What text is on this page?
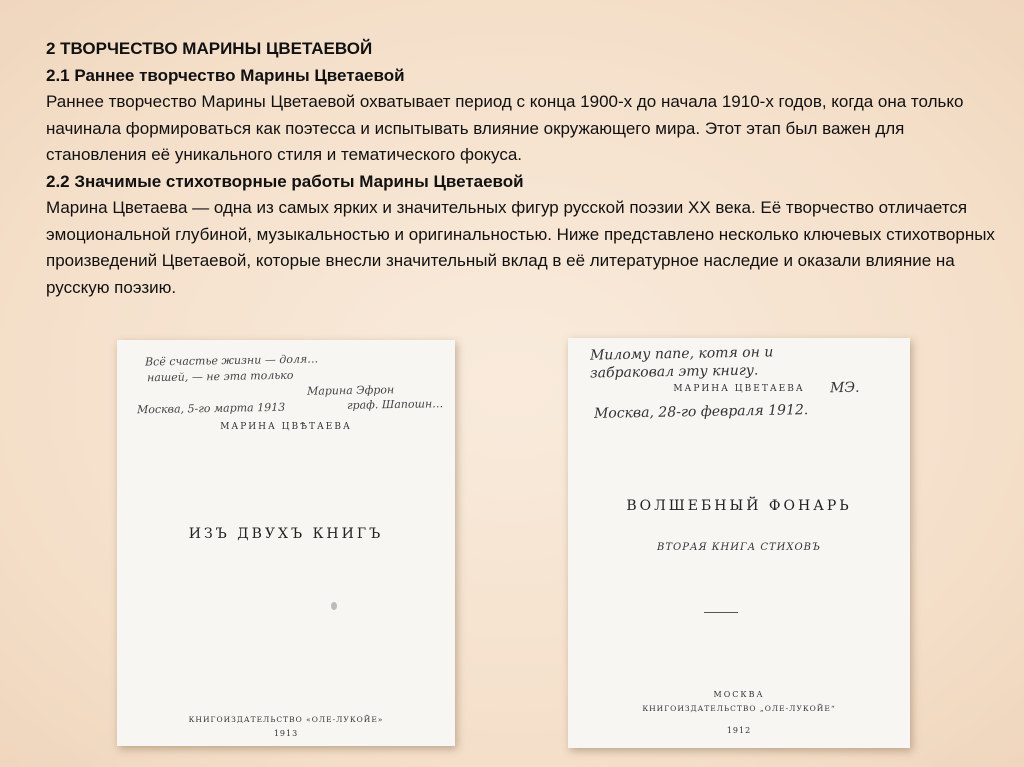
2 ТВОРЧЕСТВО МАРИНЫ ЦВЕТАЕВОЙ

2.1 Раннее творчество Марины Цветаевой

Раннее творчество Марины Цветаевой охватывает период с конца 1900-х до начала 1910-х годов, когда она только начинала формироваться как поэтесса и испытывать влияние окружающего мира. Этот этап был важен для становления её уникального стиля и тематического фокуса.

2.2 Значимые стихотворные работы Марины Цветаевой

Марина Цветаева — одна из самых ярких и значительных фигур русской поэзии XX века. Её творчество отличается эмоциональной глубиной, музыкальностью и оригинальностью. Ниже представлено несколько ключевых стихотворных произведений Цветаевой, которые внесли значительный вклад в её литературное наследие и оказали влияние на русскую поэзию.

Всё счастье жизни — доля…
нашей, — не эта только
Марина Эфрон
граф. Шапошн…
Москва, 5-го марта 1913
МАРИНА ЦВѢТАЕВА
ИЗЪ ДВУХЪ КНИГЪ
КНИГОИЗДАТЕЛЬСТВО «ОЛЕ-ЛУКОЙЕ»
1913
Милому папе, котя он и
забраковал эту книгу.
МАРИНА ЦВЕТАЕВА	МЭ.
Москва, 28-го февраля 1912.
ВОЛШЕБНЫЙ ФОНАРЬ
ВТОРАЯ КНИГА СТИХОВЪ
МОСКВА
КНИГОИЗДАТЕЛЬСТВО „ОЛЕ-ЛУКОЙЕ“
1912
